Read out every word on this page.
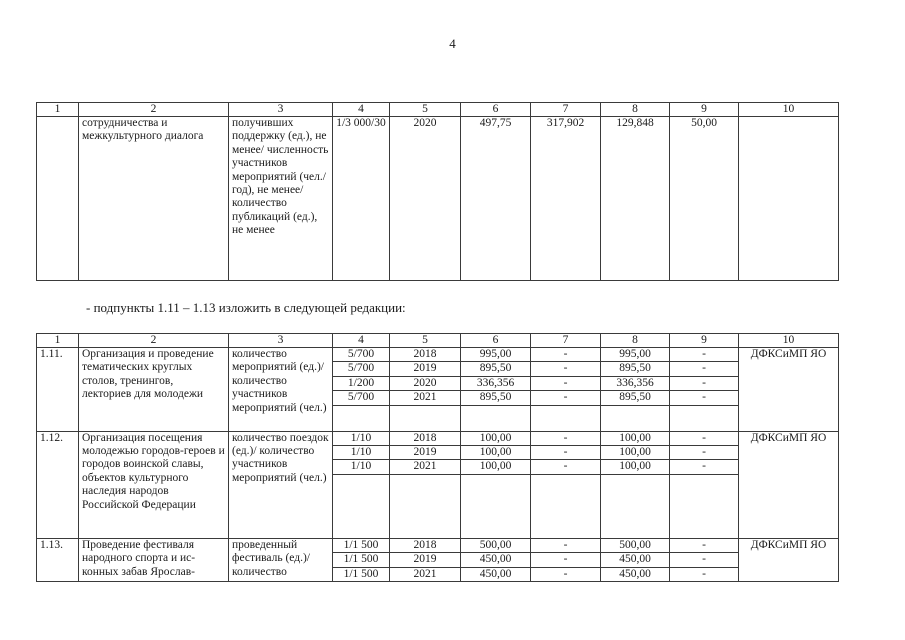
4
1	2	3	4	5	6	7	8	9	10
	сотрудничества и межкультурного диалога	получивших поддержку (ед.), не менее/ численность участников мероприятий (чел./год), не менее/ количество публикаций (ед.), не менее	1/3 000/30	2020	497,75	317,902	129,848	50,00	
- подпункты 1.11 – 1.13 изложить в следующей редакции:
1	2	3	4	5	6	7	8	9	10
1.11.	Организация и проведение тематических круглых столов, тренингов, лекториев для молодежи	количество мероприятий (ед.)/ количество участников мероприятий (чел.)	5/700	2018	995,00	-	995,00	-	ДФКСиМП ЯО
			5/700	2019	895,50	-	895,50	-	
			1/200	2020	336,356	-	336,356	-	
			5/700	2021	895,50	-	895,50	-	

1.12.	Организация посещения молодежью городов-героев и городов воинской славы, объектов культурного наследия народов Российской Федерации	количество поездок (ед.)/ количество участников мероприятий (чел.)	1/10	2018	100,00	-	100,00	-	ДФКСиМП ЯО
			1/10	2019	100,00	-	100,00	-	
			1/10	2021	100,00	-	100,00	-	

1.13.	Проведение фестиваля народного спорта и ис-конных забав Ярослав-	проведенный фестиваль (ед.)/ количество	1/1 500	2018	500,00	-	500,00	-	ДФКСиМП ЯО
			1/1 500	2019	450,00	-	450,00	-	
			1/1 500	2021	450,00	-	450,00	-	
